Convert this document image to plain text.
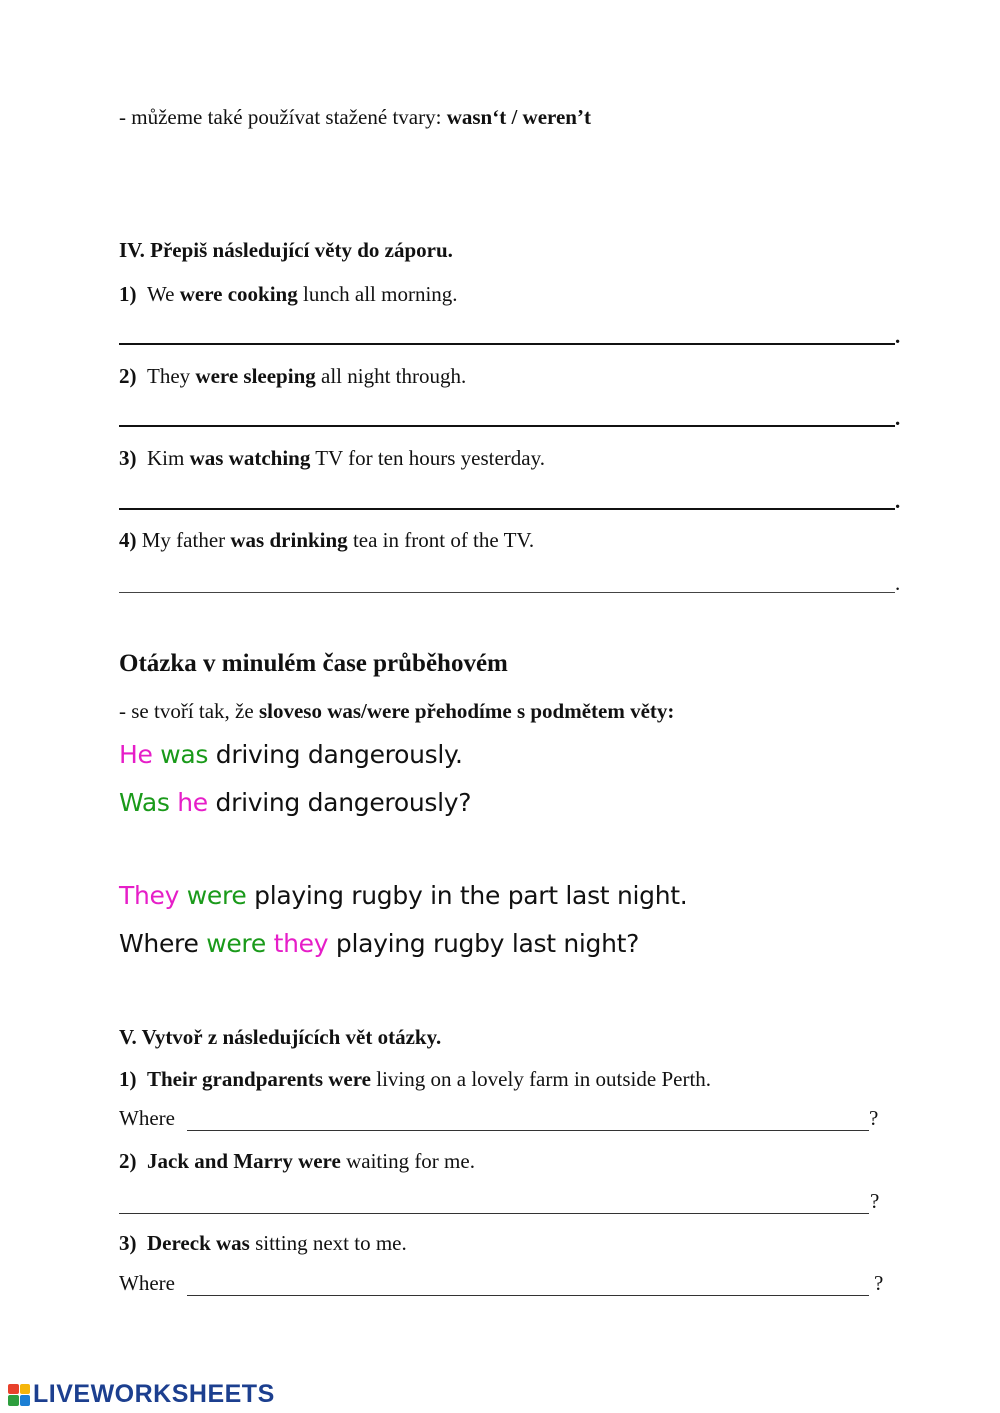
- můžeme také používat stažené tvary: wasn‘t / weren’t
IV. Přepiš následující věty do záporu.
1) We were cooking lunch all morning.
.
2) They were sleeping all night through.
.
3) Kim was watching TV for ten hours yesterday.
.
4) My father was drinking tea in front of the TV.
.
Otázka v minulém čase průběhovém
- se tvoří tak, že sloveso was/were přehodíme s podmětem věty:
He was driving dangerously.
Was he driving dangerously?
They were playing rugby in the part last night.
Where were they playing rugby last night?
V. Vytvoř z následujících vět otázky.
1) Their grandparents were living on a lovely farm in outside Perth.
Where	?
2) Jack and Marry were waiting for me.
?
3) Dereck was sitting next to me.
Where	?
LIVEWORKSHEETS
